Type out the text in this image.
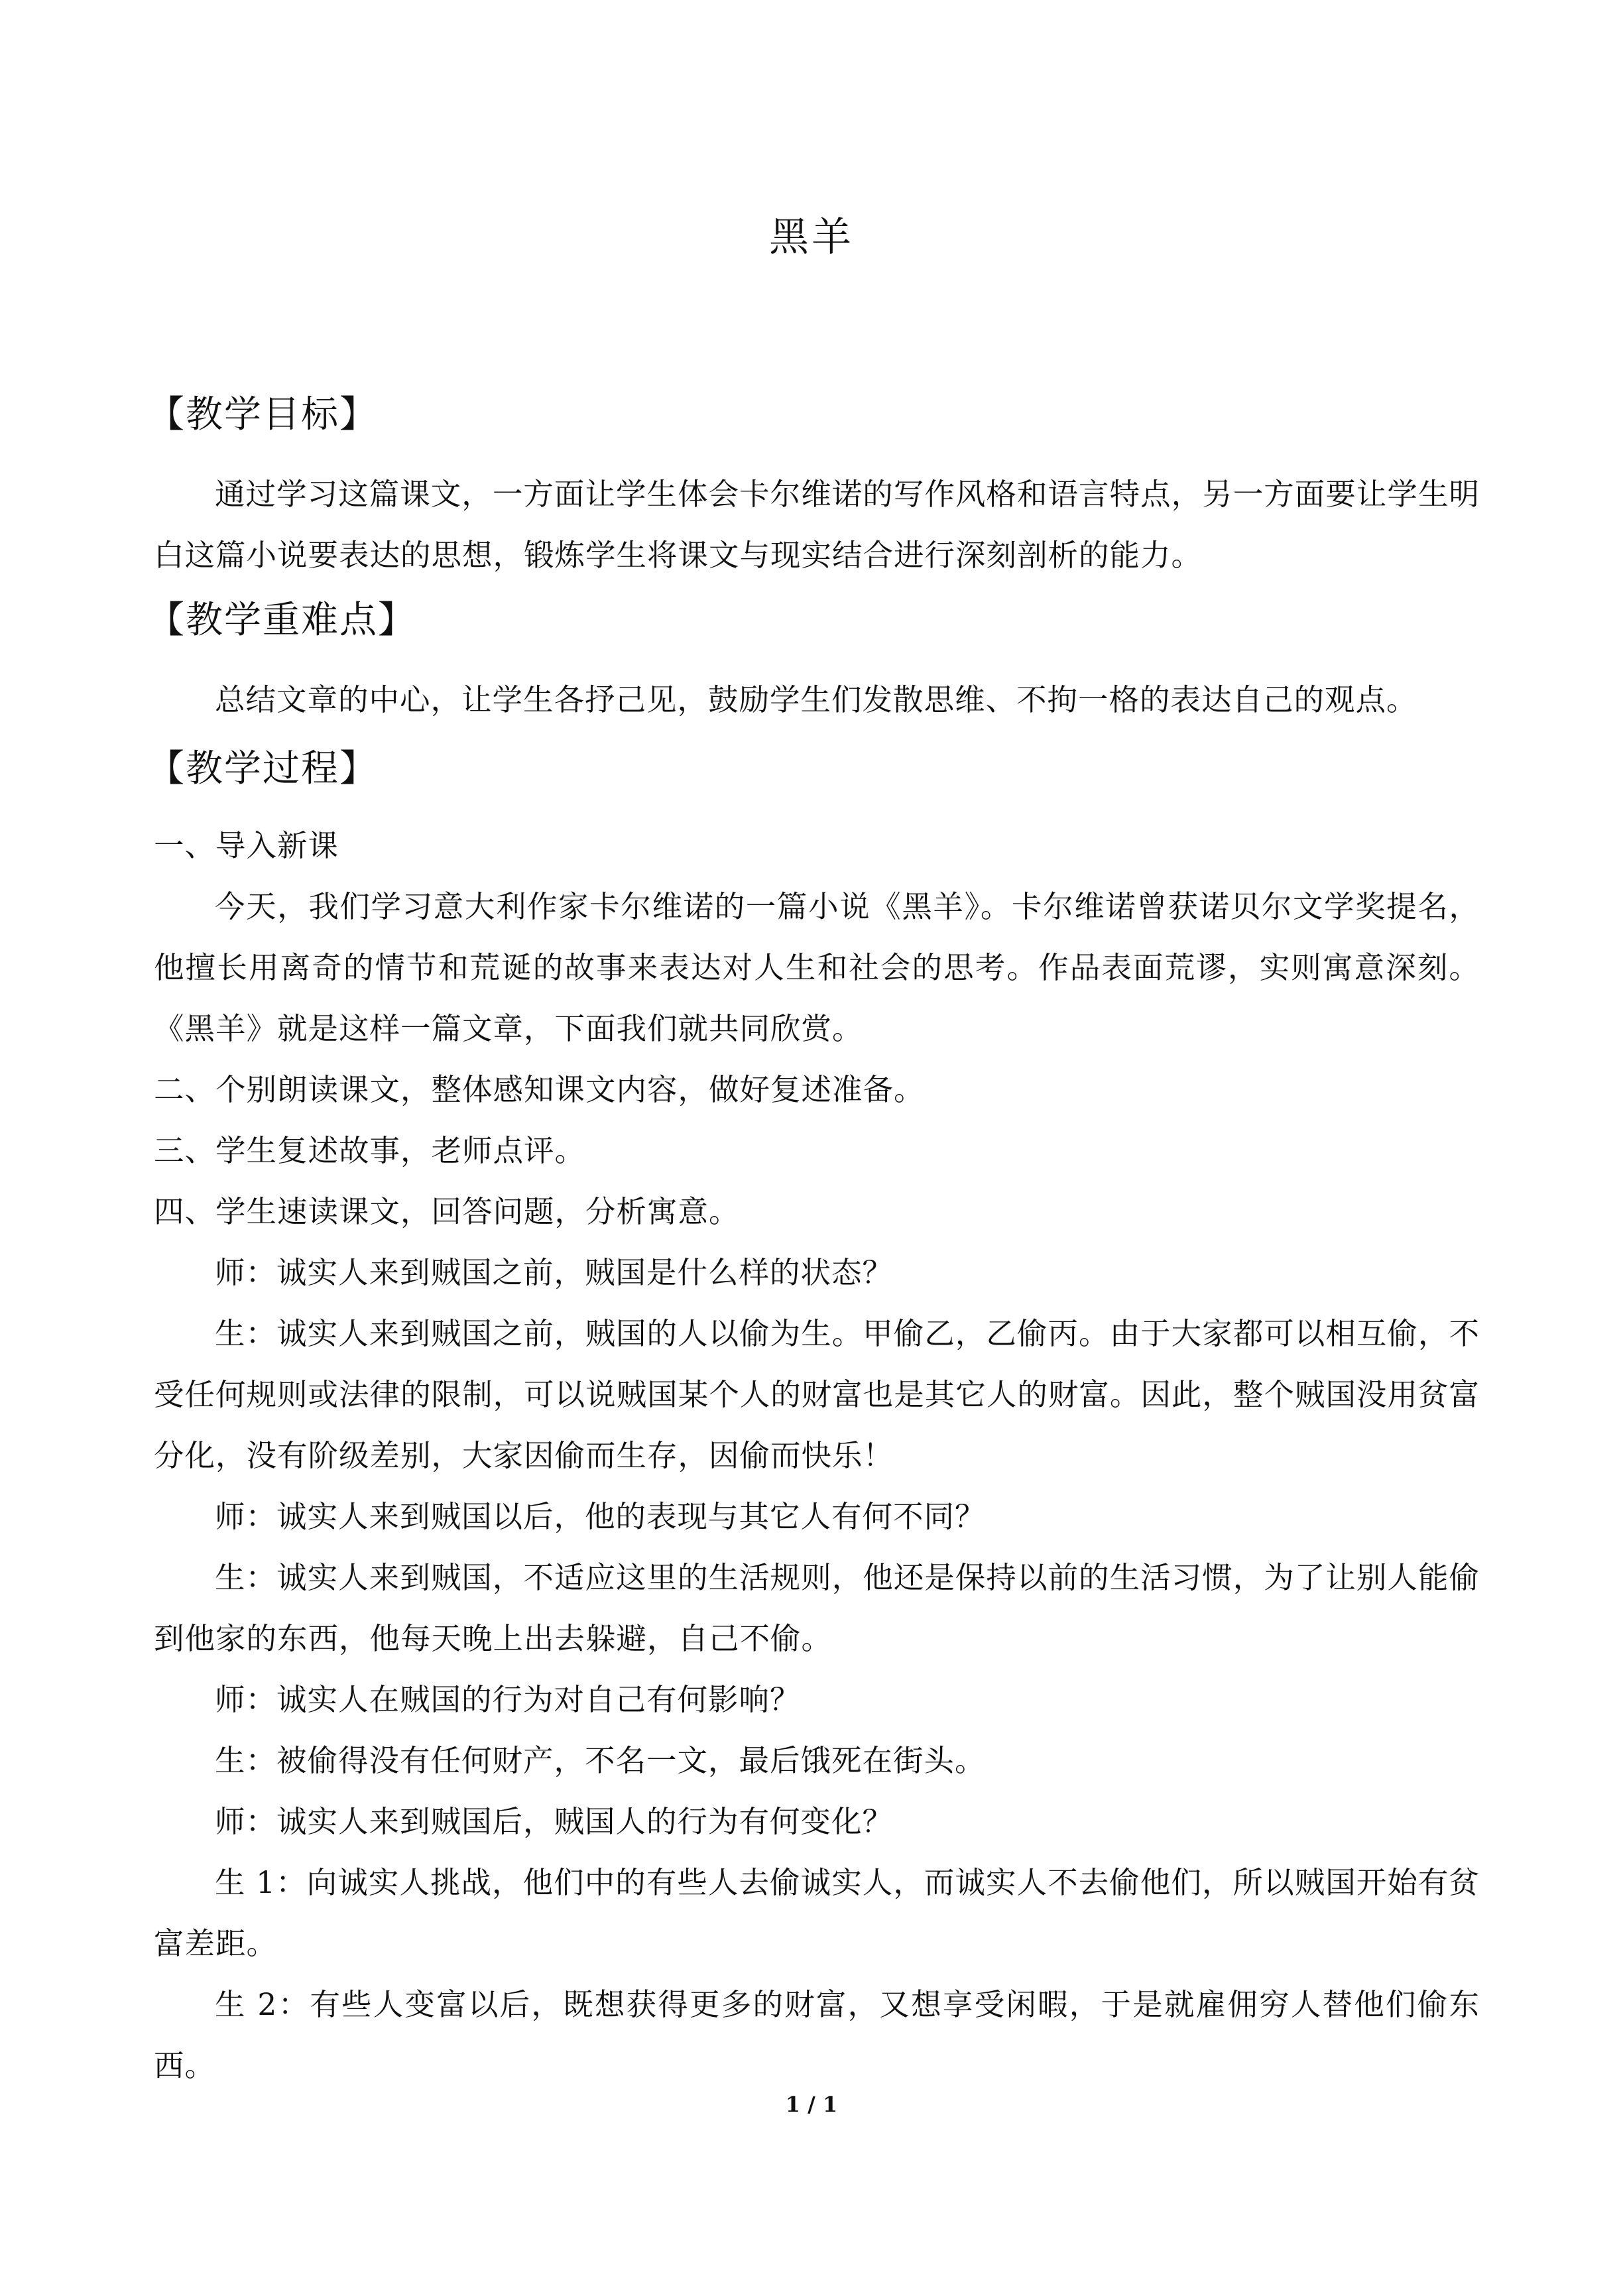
黑羊
【教学目标】
通过学习这篇课文，一方面让学生体会卡尔维诺的写作风格和语言特点，另一方面要让学生明白这篇小说要表达的思想，锻炼学生将课文与现实结合进行深刻剖析的能力。
【教学重难点】
总结文章的中心，让学生各抒己见，鼓励学生们发散思维、不拘一格的表达自己的观点。
【教学过程】
一、导入新课
今天，我们学习意大利作家卡尔维诺的一篇小说《黑羊》。卡尔维诺曾获诺贝尔文学奖提名，他擅长用离奇的情节和荒诞的故事来表达对人生和社会的思考。作品表面荒谬，实则寓意深刻。《黑羊》就是这样一篇文章，下面我们就共同欣赏。
二、个别朗读课文，整体感知课文内容，做好复述准备。
三、学生复述故事，老师点评。
四、学生速读课文，回答问题，分析寓意。
师：诚实人来到贼国之前，贼国是什么样的状态？
生：诚实人来到贼国之前，贼国的人以偷为生。甲偷乙，乙偷丙。由于大家都可以相互偷，不受任何规则或法律的限制，可以说贼国某个人的财富也是其它人的财富。因此，整个贼国没用贫富分化，没有阶级差别，大家因偷而生存，因偷而快乐！
师：诚实人来到贼国以后，他的表现与其它人有何不同？
生：诚实人来到贼国，不适应这里的生活规则，他还是保持以前的生活习惯，为了让别人能偷到他家的东西，他每天晚上出去躲避，自己不偷。
师：诚实人在贼国的行为对自己有何影响？
生：被偷得没有任何财产，不名一文，最后饿死在街头。
师：诚实人来到贼国后，贼国人的行为有何变化？
生 1：向诚实人挑战，他们中的有些人去偷诚实人，而诚实人不去偷他们，所以贼国开始有贫富差距。
生 2：有些人变富以后，既想获得更多的财富，又想享受闲暇，于是就雇佣穷人替他们偷东西。
1 / 1
